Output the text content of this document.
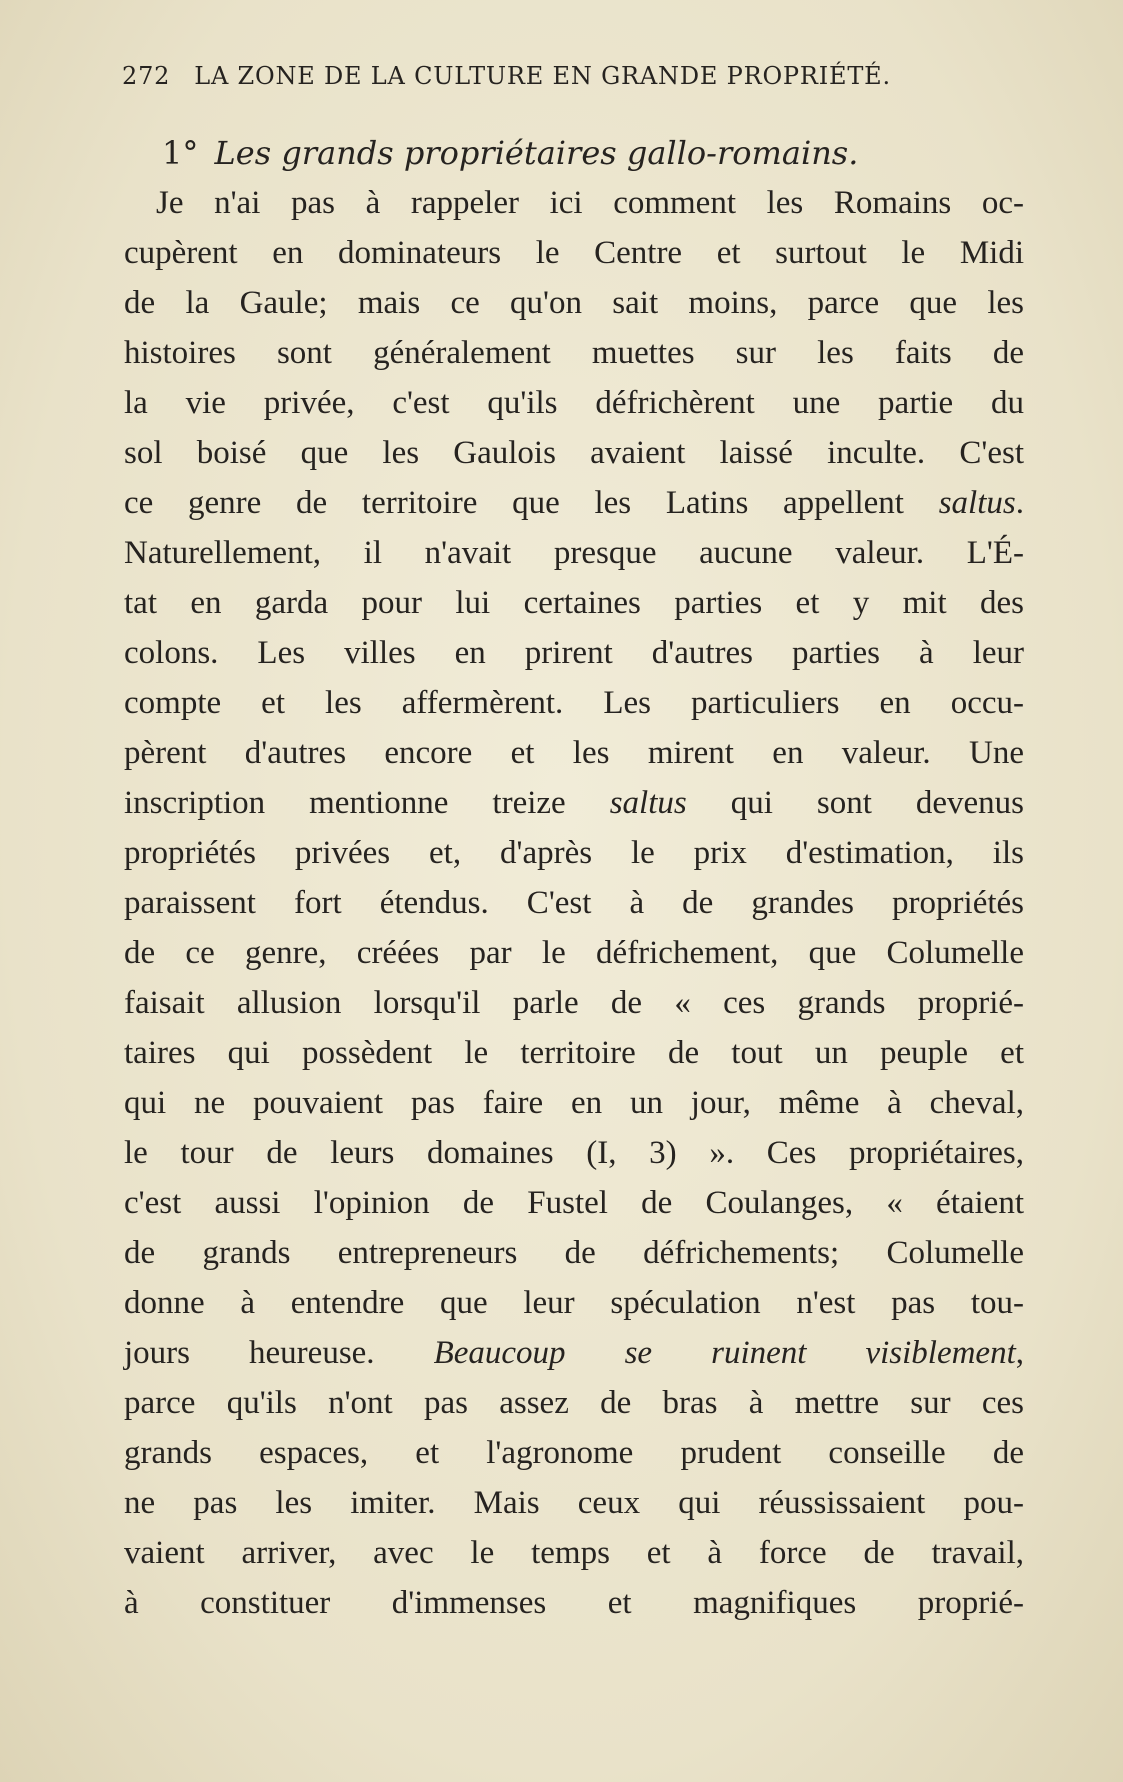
272 LA ZONE DE LA CULTURE EN GRANDE PROPRIÉTÉ.
1° Les grands propriétaires gallo-romains.
Je n'ai pas à rappeler ici comment les Romains oc-
cupèrent en dominateurs le Centre et surtout le Midi
de la Gaule; mais ce qu'on sait moins, parce que les
histoires sont généralement muettes sur les faits de
la vie privée, c'est qu'ils défrichèrent une partie du
sol boisé que les Gaulois avaient laissé inculte. C'est
ce genre de territoire que les Latins appellent saltus.
Naturellement, il n'avait presque aucune valeur. L'É-
tat en garda pour lui certaines parties et y mit des
colons. Les villes en prirent d'autres parties à leur
compte et les affermèrent. Les particuliers en occu-
pèrent d'autres encore et les mirent en valeur. Une
inscription mentionne treize saltus qui sont devenus
propriétés privées et, d'après le prix d'estimation, ils
paraissent fort étendus. C'est à de grandes propriétés
de ce genre, créées par le défrichement, que Columelle
faisait allusion lorsqu'il parle de « ces grands proprié-
taires qui possèdent le territoire de tout un peuple et
qui ne pouvaient pas faire en un jour, même à cheval,
le tour de leurs domaines (I, 3) ». Ces propriétaires,
c'est aussi l'opinion de Fustel de Coulanges, « étaient
de grands entrepreneurs de défrichements; Columelle
donne à entendre que leur spéculation n'est pas tou-
jours heureuse. Beaucoup se ruinent visiblement,
parce qu'ils n'ont pas assez de bras à mettre sur ces
grands espaces, et l'agronome prudent conseille de
ne pas les imiter. Mais ceux qui réussissaient pou-
vaient arriver, avec le temps et à force de travail,
à constituer d'immenses et magnifiques proprié-
